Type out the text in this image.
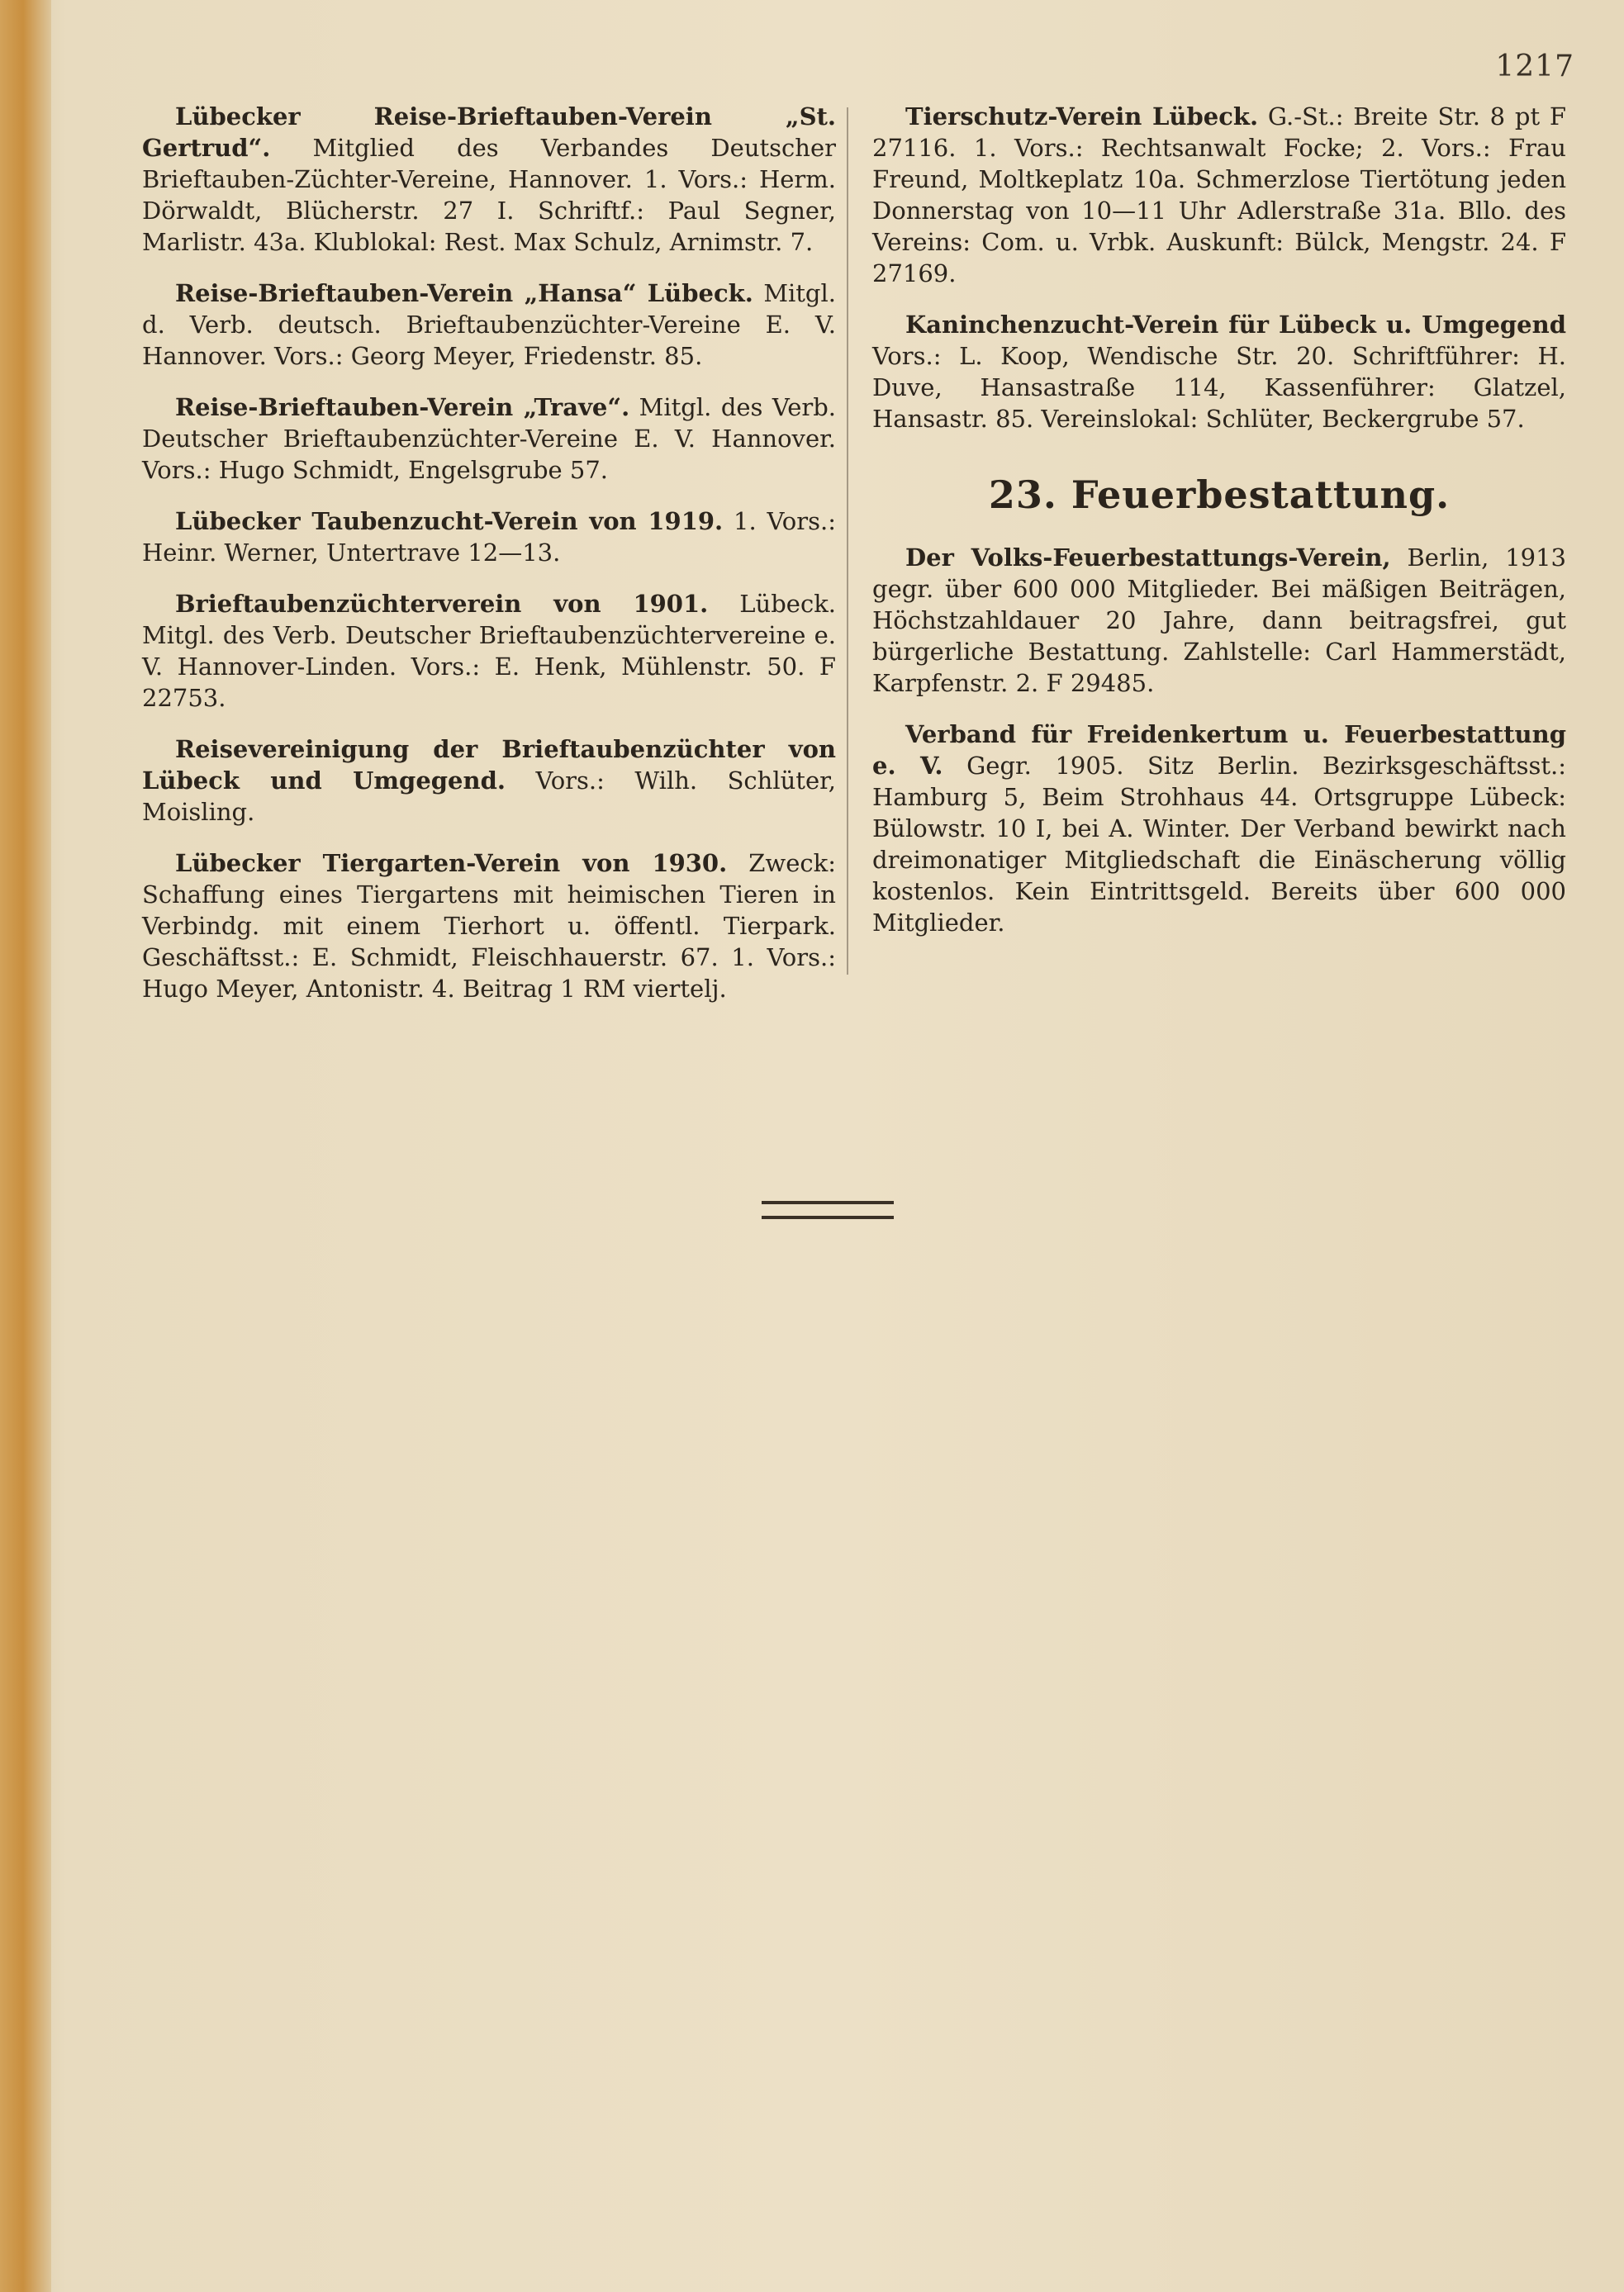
1217

Lübecker Reise-Brieftauben-Verein „St. Gertrud“. Mitglied des Verbandes Deutscher Brieftauben-Züchter-Vereine, Hannover. 1. Vors.: Herm. Dörwaldt, Blücherstr. 27 I. Schriftf.: Paul Segner, Marlistr. 43a. Klublokal: Rest. Max Schulz, Arnimstr. 7.

Reise-Brieftauben-Verein „Hansa“ Lübeck. Mitgl. d. Verb. deutsch. Brieftaubenzüchter-Vereine E. V. Hannover. Vors.: Georg Meyer, Friedenstr. 85.

Reise-Brieftauben-Verein „Trave“. Mitgl. des Verb. Deutscher Brieftaubenzüchter-Vereine E. V. Hannover. Vors.: Hugo Schmidt, Engelsgrube 57.

Lübecker Taubenzucht-Verein von 1919. 1. Vors.: Heinr. Werner, Untertrave 12—13.

Brieftaubenzüchterverein von 1901. Lübeck. Mitgl. des Verb. Deutscher Brieftaubenzüchtervereine e. V. Hannover-Linden. Vors.: E. Henk, Mühlenstr. 50. F 22753.

Reisevereinigung der Brieftaubenzüchter von Lübeck und Umgegend. Vors.: Wilh. Schlüter, Moisling.

Lübecker Tiergarten-Verein von 1930. Zweck: Schaffung eines Tiergartens mit heimischen Tieren in Verbindg. mit einem Tierhort u. öffentl. Tierpark. Geschäftsst.: E. Schmidt, Fleischhauerstr. 67. 1. Vors.: Hugo Meyer, Antonistr. 4. Beitrag 1 RM viertelj.

Tierschutz-Verein Lübeck. G.-St.: Breite Str. 8 pt F 27116. 1. Vors.: Rechtsanwalt Focke; 2. Vors.: Frau Freund, Moltkeplatz 10a. Schmerzlose Tiertötung jeden Donnerstag von 10—11 Uhr Adlerstraße 31a. Bllo. des Vereins: Com. u. Vrbk. Auskunft: Bülck, Mengstr. 24. F 27169.

Kaninchenzucht-Verein für Lübeck u. Umgegend Vors.: L. Koop, Wendische Str. 20. Schriftführer: H. Duve, Hansastraße 114, Kassenführer: Glatzel, Hansastr. 85. Vereinslokal: Schlüter, Beckergrube 57.

23. Feuerbestattung.

Der Volks-Feuerbestattungs-Verein, Berlin, 1913 gegr. über 600 000 Mitglieder. Bei mäßigen Beiträgen, Höchstzahldauer 20 Jahre, dann beitragsfrei, gut bürgerliche Bestattung. Zahlstelle: Carl Hammerstädt, Karpfenstr. 2. F 29485.

Verband für Freidenkertum u. Feuerbestattung e. V. Gegr. 1905. Sitz Berlin. Bezirksgeschäftsst.: Hamburg 5, Beim Strohhaus 44. Ortsgruppe Lübeck: Bülowstr. 10 I, bei A. Winter. Der Verband bewirkt nach dreimonatiger Mitgliedschaft die Einäscherung völlig kostenlos. Kein Eintrittsgeld. Bereits über 600 000 Mitglieder.
